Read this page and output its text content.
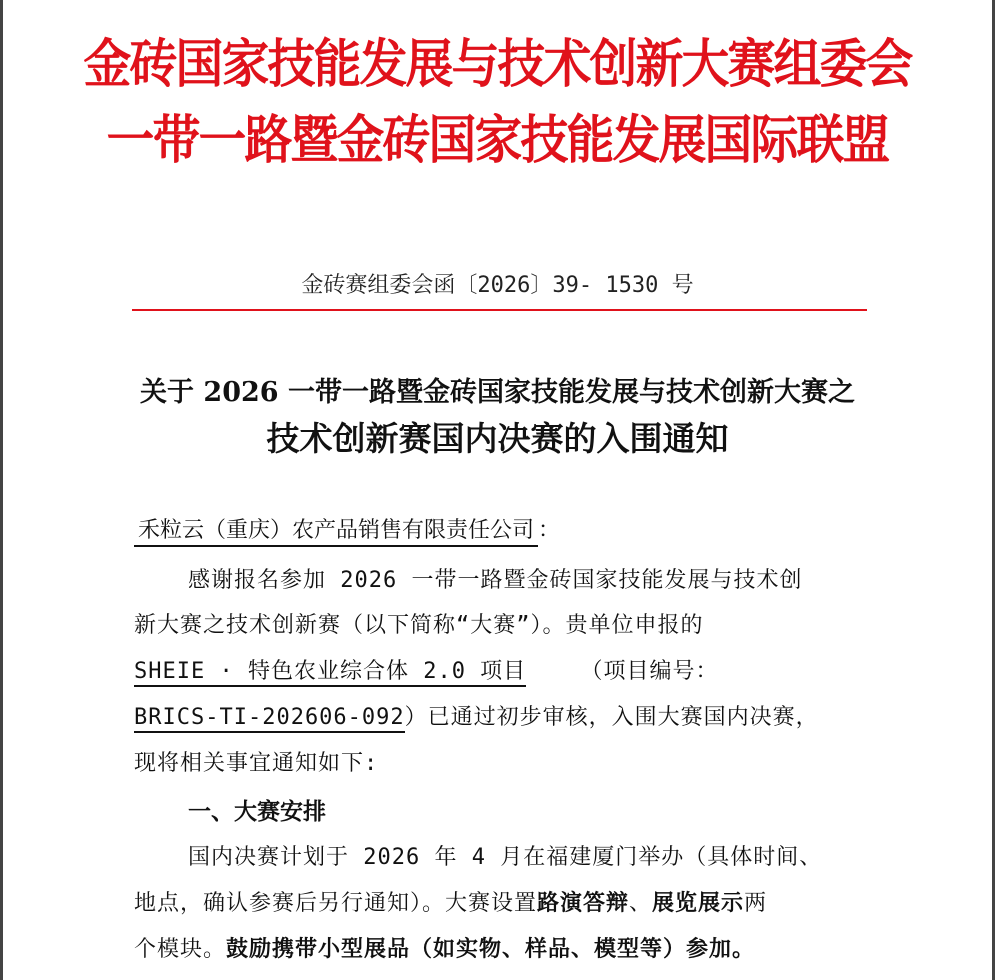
金砖国家技能发展与技术创新大赛组委会
一带一路暨金砖国家技能发展国际联盟
金砖赛组委会函〔2026〕39- 1530 号
关于 2026 一带一路暨金砖国家技能发展与技术创新大赛之
技术创新赛国内决赛的入围通知
禾粒云（重庆）农产品销售有限责任公司 ：
感谢报名参加 2026 一带一路暨金砖国家技能发展与技术创
新大赛之技术创新赛（以下简称“大赛”）。贵单位申报的
SHEIE · 特色农业综合体 2.0 项目 （项目编号：
BRICS-TI-202606-092）已通过初步审核，入围大赛国内决赛，
现将相关事宜通知如下:
一、大赛安排
国内决赛计划于 2026 年 4 月在福建厦门举办（具体时间、
地点，确认参赛后另行通知）。大赛设置路演答辩、展览展示两
个模块。鼓励携带小型展品（如实物、样品、模型等）参加。
